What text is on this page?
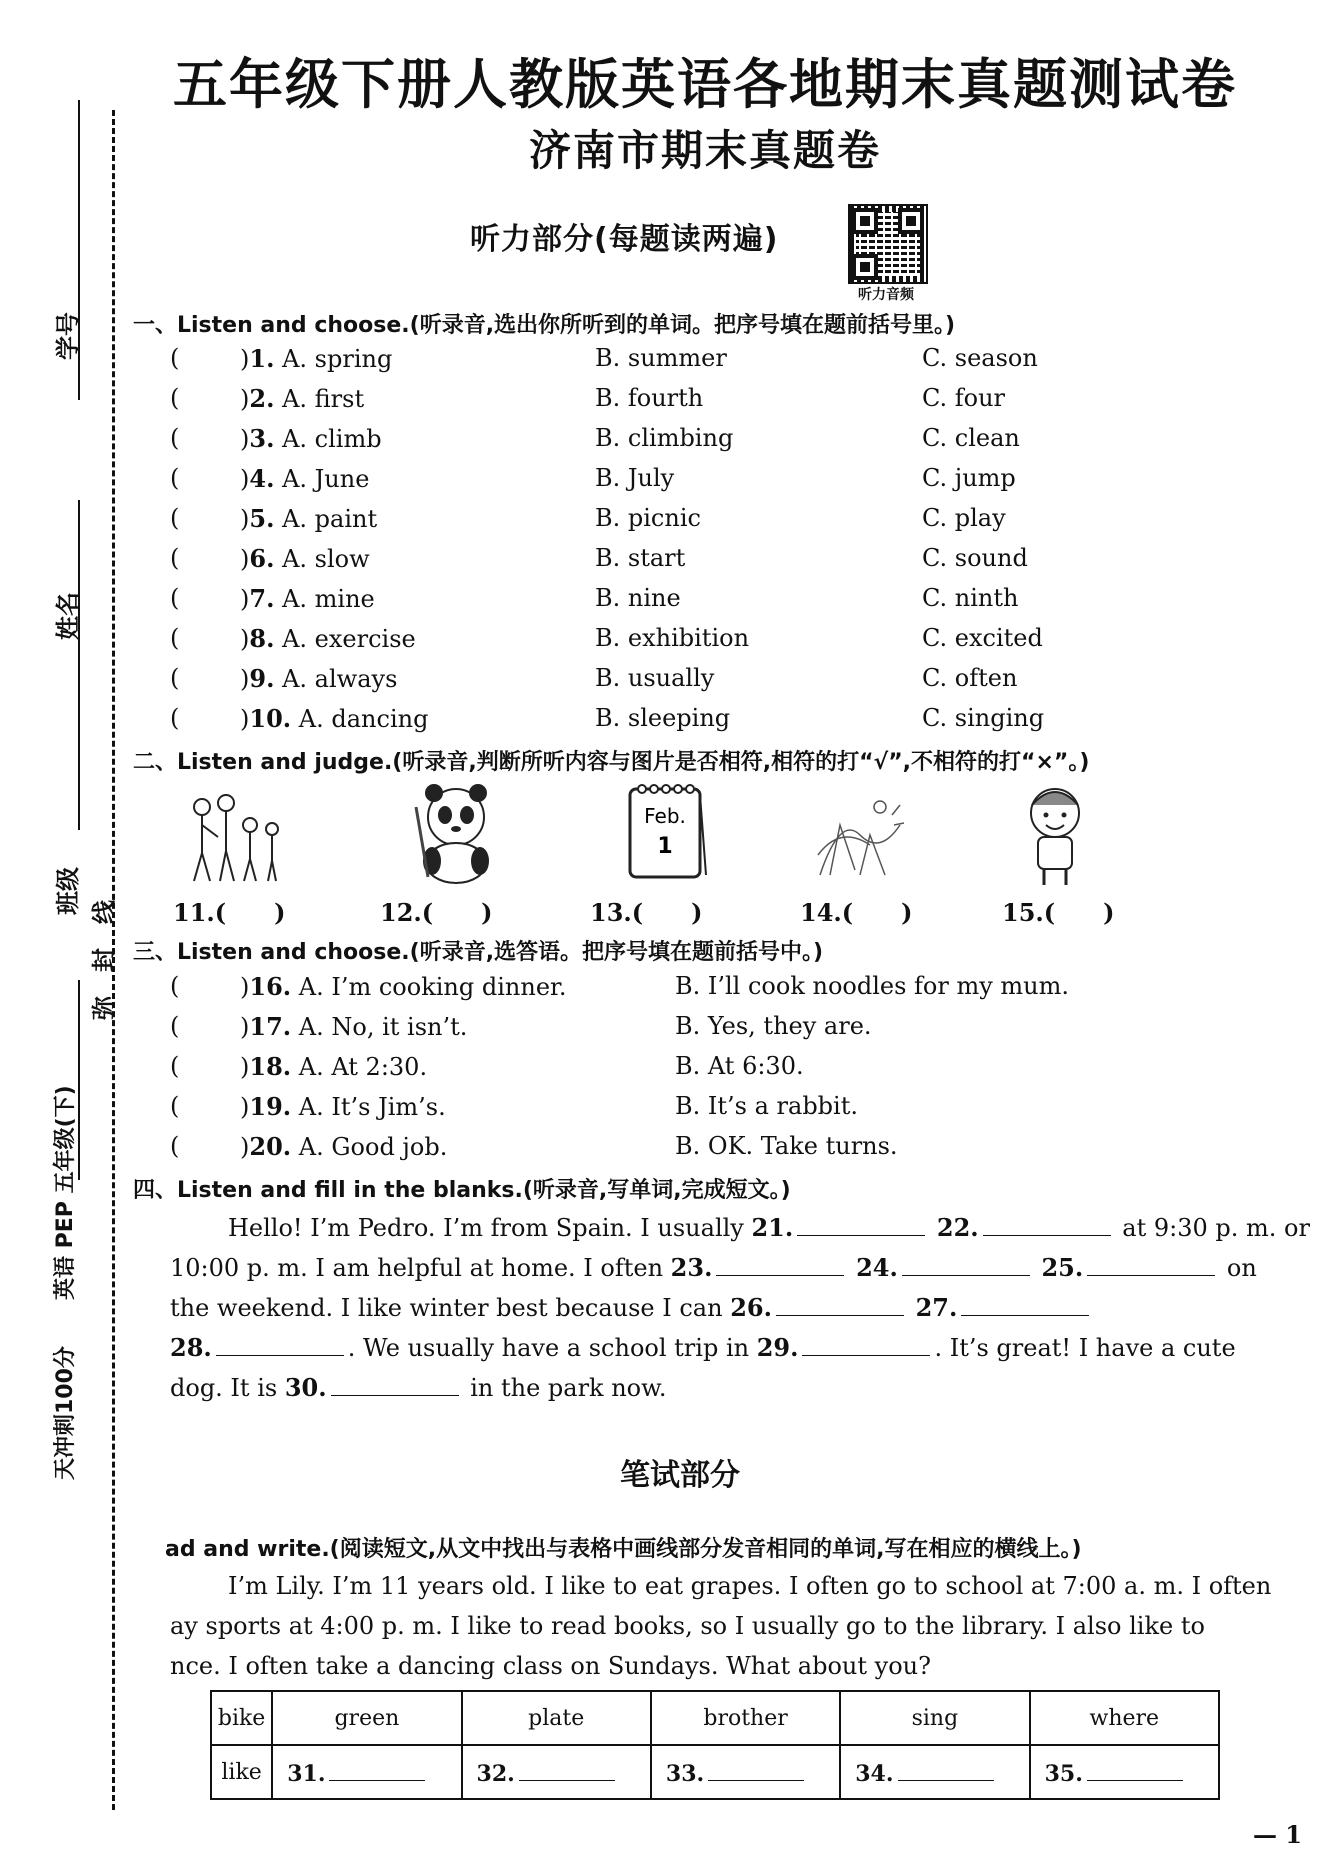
学号
姓名
班级
弥　封　线
英语 PEP 五年级(下)
天冲刺100分
五年级下册人教版英语各地期末真题测试卷
济南市期末真题卷
听力部分(每题读两遍)
听力音频
一、Listen and choose.(听录音,选出你所听到的单词。把序号填在题前括号里。)
(	)1. A. spring	B. summer	C. season
(	)2. A. first	B. fourth	C. four
(	)3. A. climb	B. climbing	C. clean
(	)4. A. June	B. July	C. jump
(	)5. A. paint	B. picnic	C. play
(	)6. A. slow	B. start	C. sound
(	)7. A. mine	B. nine	C. ninth
(	)8. A. exercise	B. exhibition	C. excited
(	)9. A. always	B. usually	C. often
(	)10. A. dancing	B. sleeping	C. singing
二、Listen and judge.(听录音,判断所听内容与图片是否相符,相符的打“√”,不相符的打“×”。)
Feb.
1
11.(　　)	12.(　　)	13.(　　)	14.(　　)	15.(　　)
三、Listen and choose.(听录音,选答语。把序号填在题前括号中。)
(	)16. A. I’m cooking dinner.	B. I’ll cook noodles for my mum.
(	)17. A. No, it isn’t.	B. Yes, they are.
(	)18. A. At 2:30.	B. At 6:30.
(	)19. A. It’s Jim’s.	B. It’s a rabbit.
(	)20. A. Good job.	B. OK. Take turns.
四、Listen and fill in the blanks.(听录音,写单词,完成短文。)
Hello! I’m Pedro. I’m from Spain. I usually 21.	22.	at 9:30 p. m. or
10:00 p. m. I am helpful at home. I often 23.	24.	25.	on
the weekend. I like winter best because I can 26.	27.
28.	. We usually have a school trip in 29.	. It’s great! I have a cute
dog. It is 30.	in the park now.
笔试部分
ad and write.(阅读短文,从文中找出与表格中画线部分发音相同的单词,写在相应的横线上。)
I’m Lily. I’m 11 years old. I like to eat grapes. I often go to school at 7:00 a. m. I often
ay sports at 4:00 p. m. I like to read books, so I usually go to the library. I also like to
nce. I often take a dancing class on Sundays. What about you?
bike	green	plate	brother	sing	where
like	31.	32.	33.	34.	35.
— 1
